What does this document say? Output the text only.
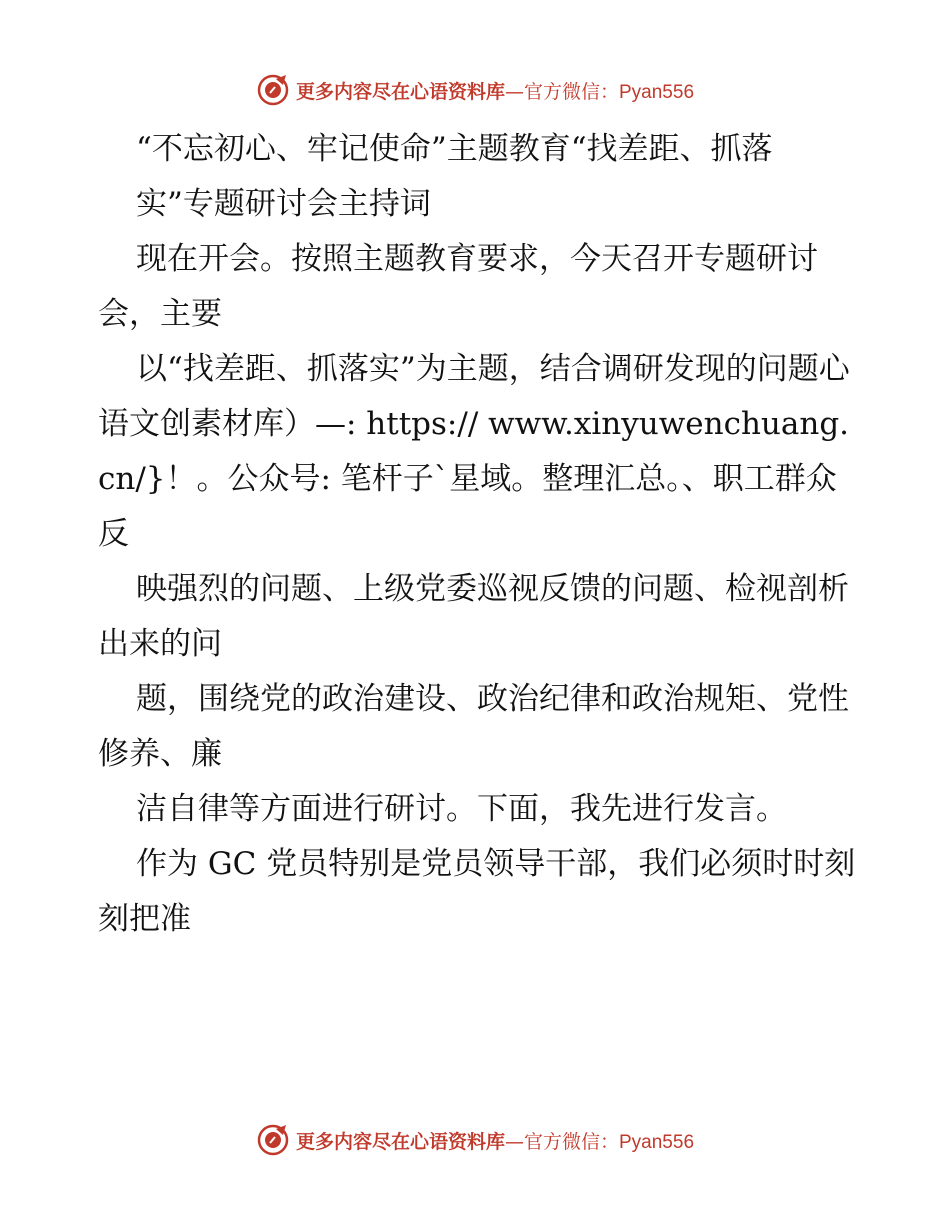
更多内容尽在心语资料库—官方微信：Pyan556

“不忘初心、牢记使命”主题教育“找差距、抓落

实”专题研讨会主持词

现在开会。按照主题教育要求，今天召开专题研讨会，主要

以“找差距、抓落实”为主题，结合调研发现的问题心语文创素材库）—: https:// www.xinyuwenchuang.cn/}！。公众号: 笔杆子`星域。整理汇总。、职工群众反

映强烈的问题、上级党委巡视反馈的问题、检视剖析出来的问

题，围绕党的政治建设、政治纪律和政治规矩、党性修养、廉

洁自律等方面进行研讨。下面，我先进行发言。

作为 GC 党员特别是党员领导干部，我们必须时时刻刻把准

更多内容尽在心语资料库—官方微信：Pyan556
